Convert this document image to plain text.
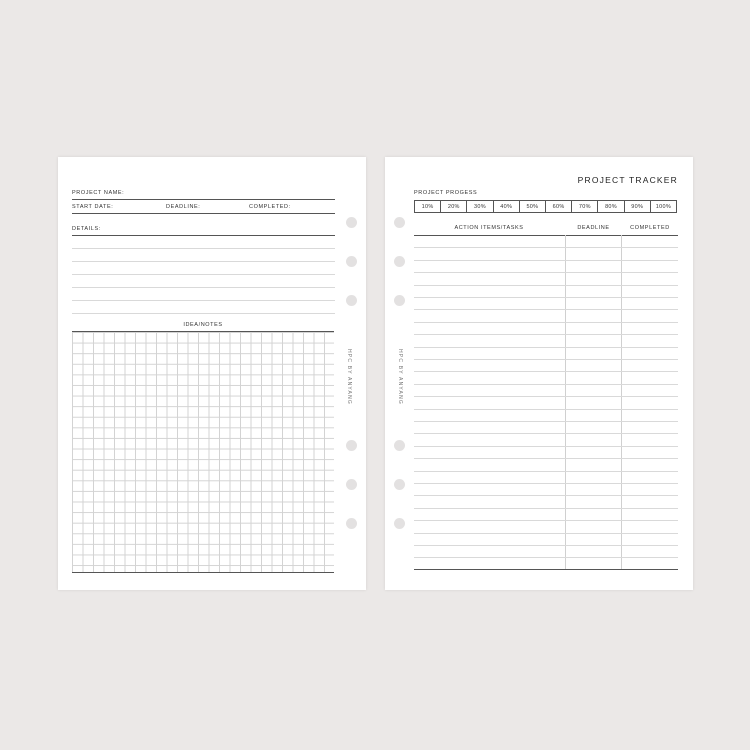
PROJECT NAME:
START DATE:	DEADLINE:	COMPLETED:
DETAILS:
IDEA/NOTES
HPC BY ANYANG
PROJECT TRACKER
PROJECT PROGESS
10%	20%	30%	40%	50%	60%	70%	80%	90%	100%
ACTION ITEMS/TASKS	DEADLINE	COMPLETED
HPC BY ANYANG
